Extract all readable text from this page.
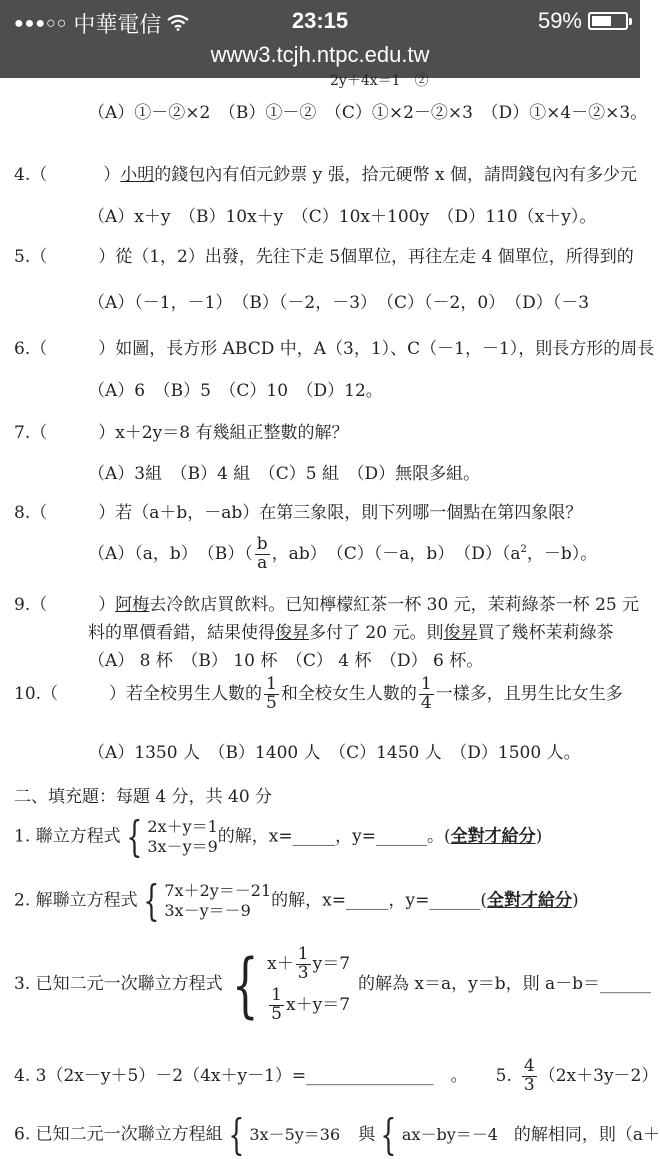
●●●○○ 中華電信	23:15	59%
www3.tcjh.ntpc.edu.tw
2y＋4x＝1　②
（A）①－②×2　（B）①－②　（C）①×2－②×3　（D）①×4－②×3。
4.（　　	）小明的錢包內有佰元鈔票 y 張，拾元硬幣 x 個，請問錢包內有多少元
（A）x＋y　（B）10x＋y　（C）10x＋100y　（D）110（x＋y）。
5.（　　　）從（1，2）出發，先往下走 5個單位，再往左走 4 個單位，所得到的
（A）（－1，－1）　（B）（－2，－3）　（C）（－2，0）　（D）（－3
6.（　　　）如圖，長方形 ABCD 中，A（3，1）、C（－1，－1），則長方形的周長
（A）6　（B）5　（C）10　（D）12。
7.（　　　）x＋2y＝8 有幾組正整數的解？
（A）3組　（B）4 組　（C）5 組　（D）無限多組。
8.（　　　）若（a＋b，－ab）在第三象限，則下列哪一個點在第四象限？
（A）（a，b）　$(B)( \frac{b}{a}$ ，ab）　（C）（－a，b）　$(D)(a^2$，－b）。
9.（　　　）阿梅去冷飲店買飲料。已知檸檬紅茶一杯 30 元，茉莉綠茶一杯 25 元
料的單價看錯，結果使得俊昇多付了 20 元。則俊昇買了幾杯茉莉綠茶
（A） 8 杯　（B） 10 杯　（C） 4 杯　（D） 6 杯。
10.（　　　）若全校男生人數的 $\frac{1}{5}$ 和全校女生人數的 $\frac{1}{4}$ 一樣多，且男生比女生多
（A）1350 人　（B）1400 人　（C）1450 人　（D）1500 人。
二、填充題：每題 4 分，共 40 分
1. 聯立方程式 { 2x＋y＝1
3x－y＝9 的解，x=_____，y=______。(全對才給分)
2. 解聯立方程式 { 7x＋2y＝－21
3x－y＝－9	的解，x=_____，y=______(全對才給分)
3. 已知二元一次聯立方程式 { $x+ \frac{1}{3} y=7$
$\frac{1}{5} x+y=7$
的解為 x＝a，y＝b，則 a－b＝______
4. 3（2x－y＋5）－2（4x＋y－1）=_______________　。 5. $\frac{4}{3} (2x+3y-2)$
6. 已知二元一次聯立方程組 { 3x－5y＝36 與 { ax－by＝－4 的解相同，則（a＋
